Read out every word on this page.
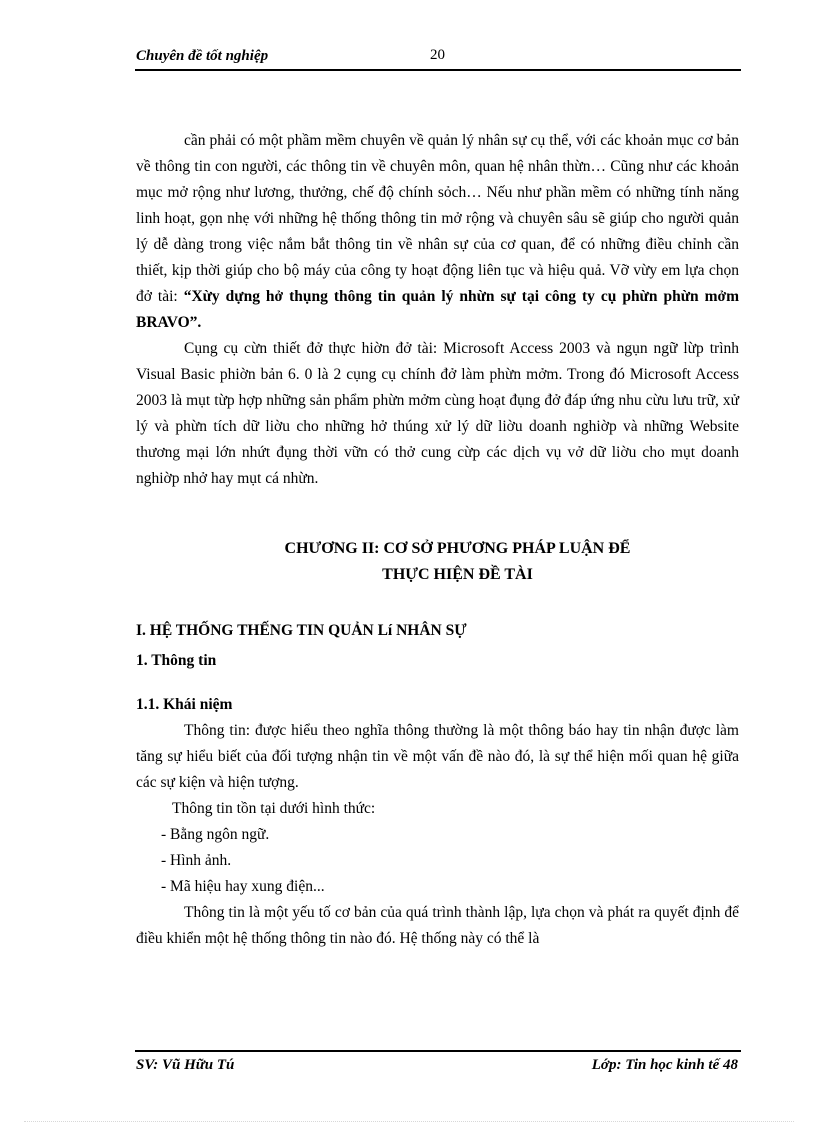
Chuyên đề tốt nghiệp	20

cần phải có một phầm mềm chuyên về quản lý nhân sự cụ thể, với các khoản mục cơ bản về thông tin con người, các thông tin về chuyên môn, quan hệ nhân thừn… Cũng như các khoản mục mở rộng như lương, thưởng, chế độ chính sỏch… Nếu như phần mềm có những tính năng linh hoạt, gọn nhẹ với những hệ thống thông tin mở rộng và chuyên sâu sẽ giúp cho người quản lý dễ dàng trong việc nắm bắt thông tin về nhân sự của cơ quan, để có những điều chỉnh cần thiết, kịp thời giúp cho bộ máy của công ty hoạt động liên tục và hiệu quả. Vỡ vừy em lựa chọn đở tài: “Xừy dựng hở thụng thông tin quản lý nhừn sự tại công ty cụ phừn phừn mởm BRAVO”.

Cụng cụ cừn thiết đở thực hiờn đở tài: Microsoft Access 2003 và ngụn ngữ lừp trình Visual Basic phiờn bản 6. 0 là 2 cụng cụ chính đở làm phừn mởm. Trong đó Microsoft Access 2003 là mụt từp hợp những sản phẩm phừn mởm cùng hoạt đụng đở đáp ứng nhu cừu lưu trữ, xử lý và phừn tích dữ liờu cho những hở thúng xử lý dữ liờu doanh nghiờp và những Website thương mại lớn nhứt đụng thời vữn có thở cung cừp các dịch vụ vở dữ liờu cho mụt doanh nghiờp nhở hay mụt cá nhừn.

CHƯƠNG II: CƠ SỞ PHƯƠNG PHÁP LUẬN ĐỂ
THỰC HIỆN ĐỀ TÀI

I. HỆ THỐNG THẾNG TIN QUẢN Lí NHÂN SỰ

1. Thông tin

1.1. Khái niệm

Thông tin: được hiểu theo nghĩa thông thường là một thông báo hay tin nhận được làm tăng sự hiểu biết của đối tượng nhận tin về một vấn đề nào đó, là sự thể hiện mối quan hệ giữa các sự kiện và hiện tượng.

Thông tin tồn tại dưới hình thức:

- Bằng ngôn ngữ.

- Hình ảnh.

- Mã hiệu hay xung điện...

Thông tin là một yếu tố cơ bản của quá trình thành lập, lựa chọn và phát ra quyết định để điều khiển một hệ thống thông tin nào đó. Hệ thống này có thể là

SV: Vũ Hữu Tú	Lớp: Tin học kinh tế 48
